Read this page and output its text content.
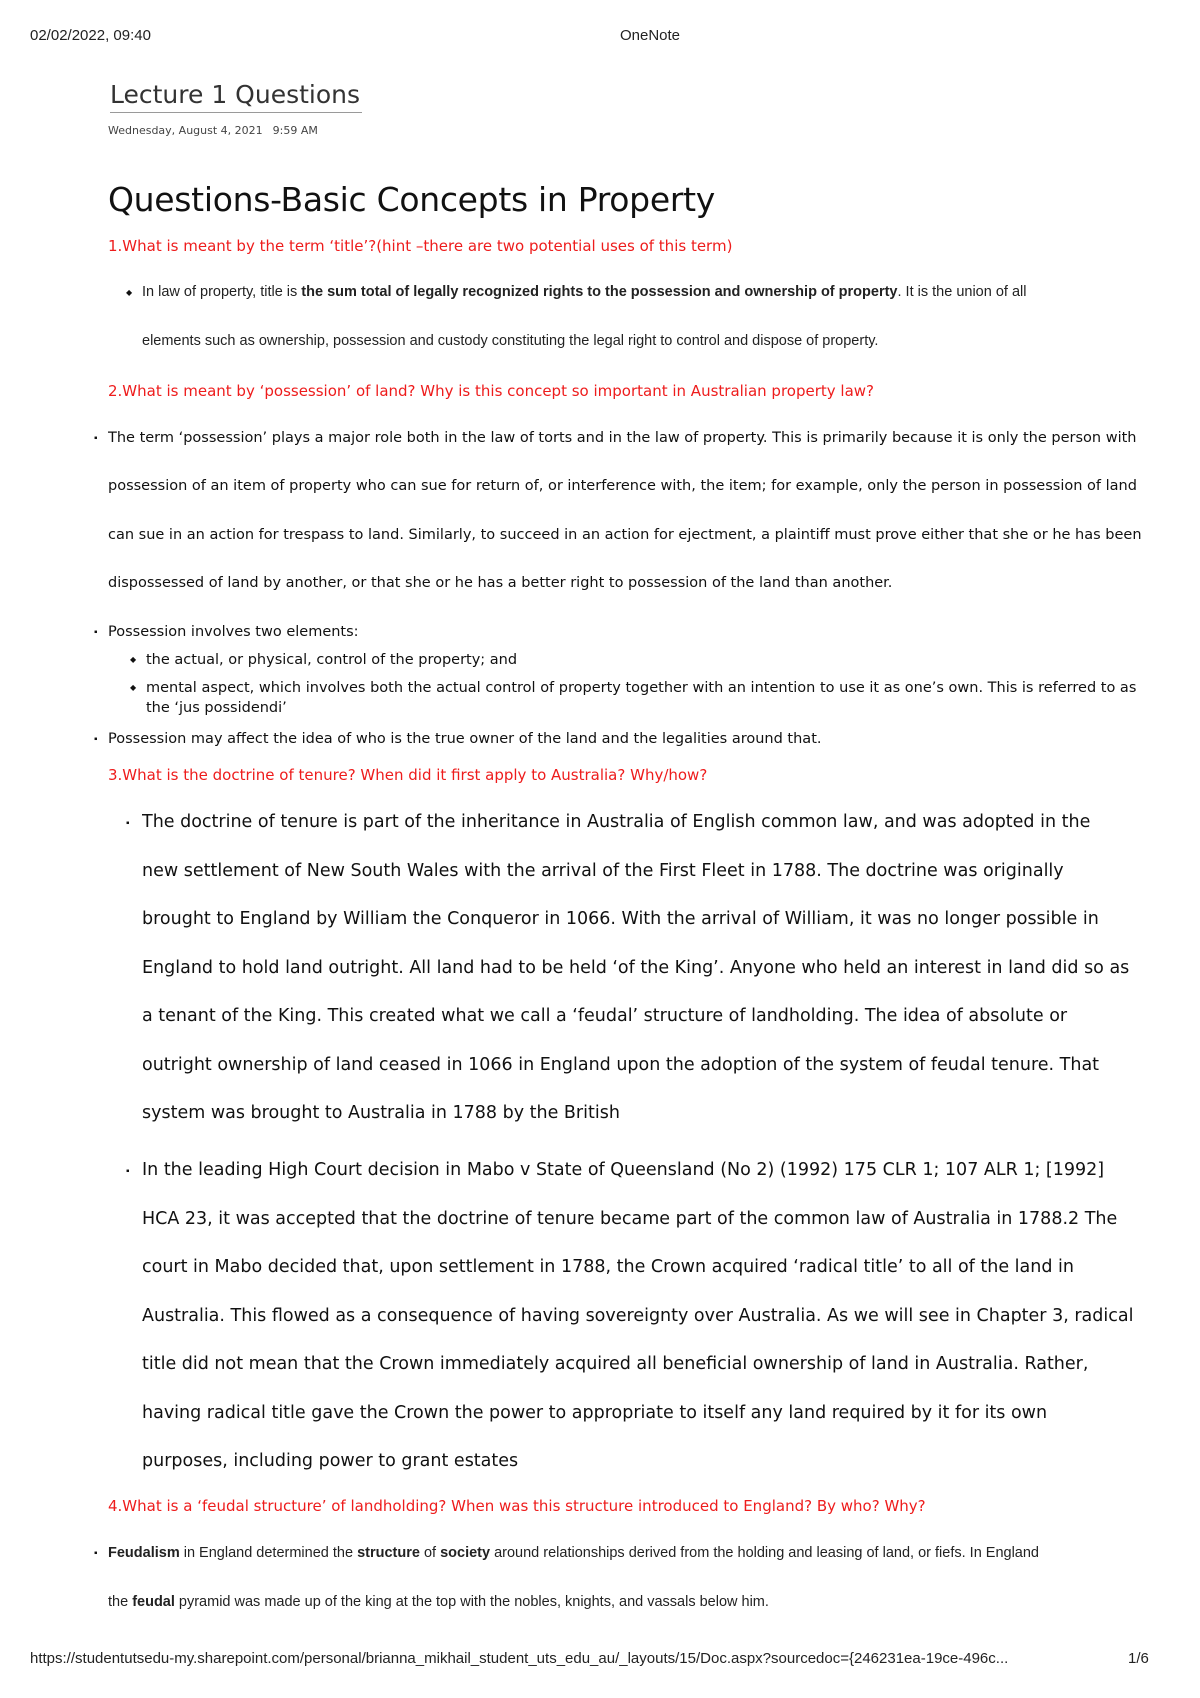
02/02/2022, 09:40	OneNote
Lecture 1 Questions
Wednesday, August 4, 2021 9:59 AM
Questions-Basic Concepts in Property
1.What is meant by the term ‘title’?(hint –there are two potential uses of this term)
◆ In law of property, title is the sum total of legally recognized rights to the possession and ownership of property. It is the union of all
elements such as ownership, possession and custody constituting the legal right to control and dispose of property.
2.What is meant by ‘possession’ of land? Why is this concept so important in Australian property law?
▪ The term ‘possession’ plays a major role both in the law of torts and in the law of property. This is primarily because it is only the person with
possession of an item of property who can sue for return of, or interference with, the item; for example, only the person in possession of land
can sue in an action for trespass to land. Similarly, to succeed in an action for ejectment, a plaintiff must prove either that she or he has been
dispossessed of land by another, or that she or he has a better right to possession of the land than another.
▪ Possession involves two elements:
◆ the actual, or physical, control of the property; and
◆ mental aspect, which involves both the actual control of property together with an intention to use it as one’s own. This is referred to as
the ‘jus possidendi’
▪ Possession may affect the idea of who is the true owner of the land and the legalities around that.
3.What is the doctrine of tenure? When did it first apply to Australia? Why/how?
▪ The doctrine of tenure is part of the inheritance in Australia of English common law, and was adopted in the
new settlement of New South Wales with the arrival of the First Fleet in 1788. The doctrine was originally
brought to England by William the Conqueror in 1066. With the arrival of William, it was no longer possible in
England to hold land outright. All land had to be held ‘of the King’. Anyone who held an interest in land did so as
a tenant of the King. This created what we call a ‘feudal’ structure of landholding. The idea of absolute or
outright ownership of land ceased in 1066 in England upon the adoption of the system of feudal tenure. That
system was brought to Australia in 1788 by the British
▪ In the leading High Court decision in Mabo v State of Queensland (No 2) (1992) 175 CLR 1; 107 ALR 1; [1992]
HCA 23, it was accepted that the doctrine of tenure became part of the common law of Australia in 1788.2 The
court in Mabo decided that, upon settlement in 1788, the Crown acquired ‘radical title’ to all of the land in
Australia. This flowed as a consequence of having sovereignty over Australia. As we will see in Chapter 3, radical
title did not mean that the Crown immediately acquired all beneficial ownership of land in Australia. Rather,
having radical title gave the Crown the power to appropriate to itself any land required by it for its own
purposes, including power to grant estates
4.What is a ‘feudal structure’ of landholding? When was this structure introduced to England? By who? Why?
▪ Feudalism in England determined the structure of society around relationships derived from the holding and leasing of land, or fiefs. In England
the feudal pyramid was made up of the king at the top with the nobles, knights, and vassals below him.
https://studentutsedu-my.sharepoint.com/personal/brianna_mikhail_student_uts_edu_au/_layouts/15/Doc.aspx?sourcedoc={246231ea-19ce-496c...	1/6
